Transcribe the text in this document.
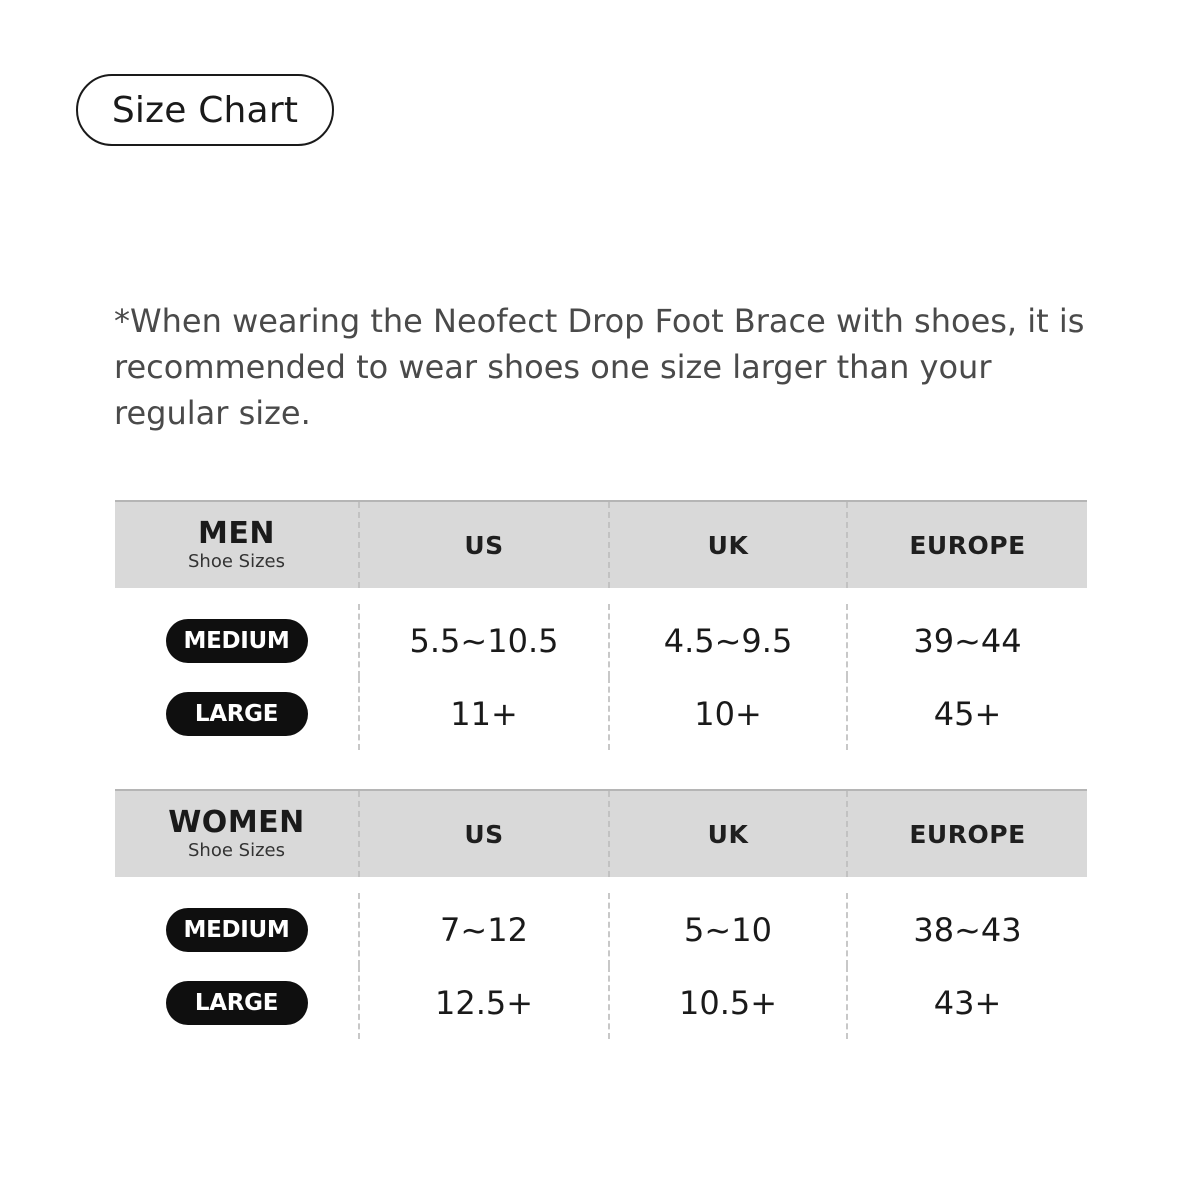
Size Chart

*When wearing the Neofect Drop Foot Brace with shoes, it is recommended to wear shoes one size larger than your regular size.

MEN
Shoe Sizes
US	UK	EUROPE
MEDIUM	5.5~10.5	4.5~9.5	39~44
LARGE	11+	10+	45+
WOMEN
Shoe Sizes
US	UK	EUROPE
MEDIUM	7~12	5~10	38~43
LARGE	12.5+	10.5+	43+
